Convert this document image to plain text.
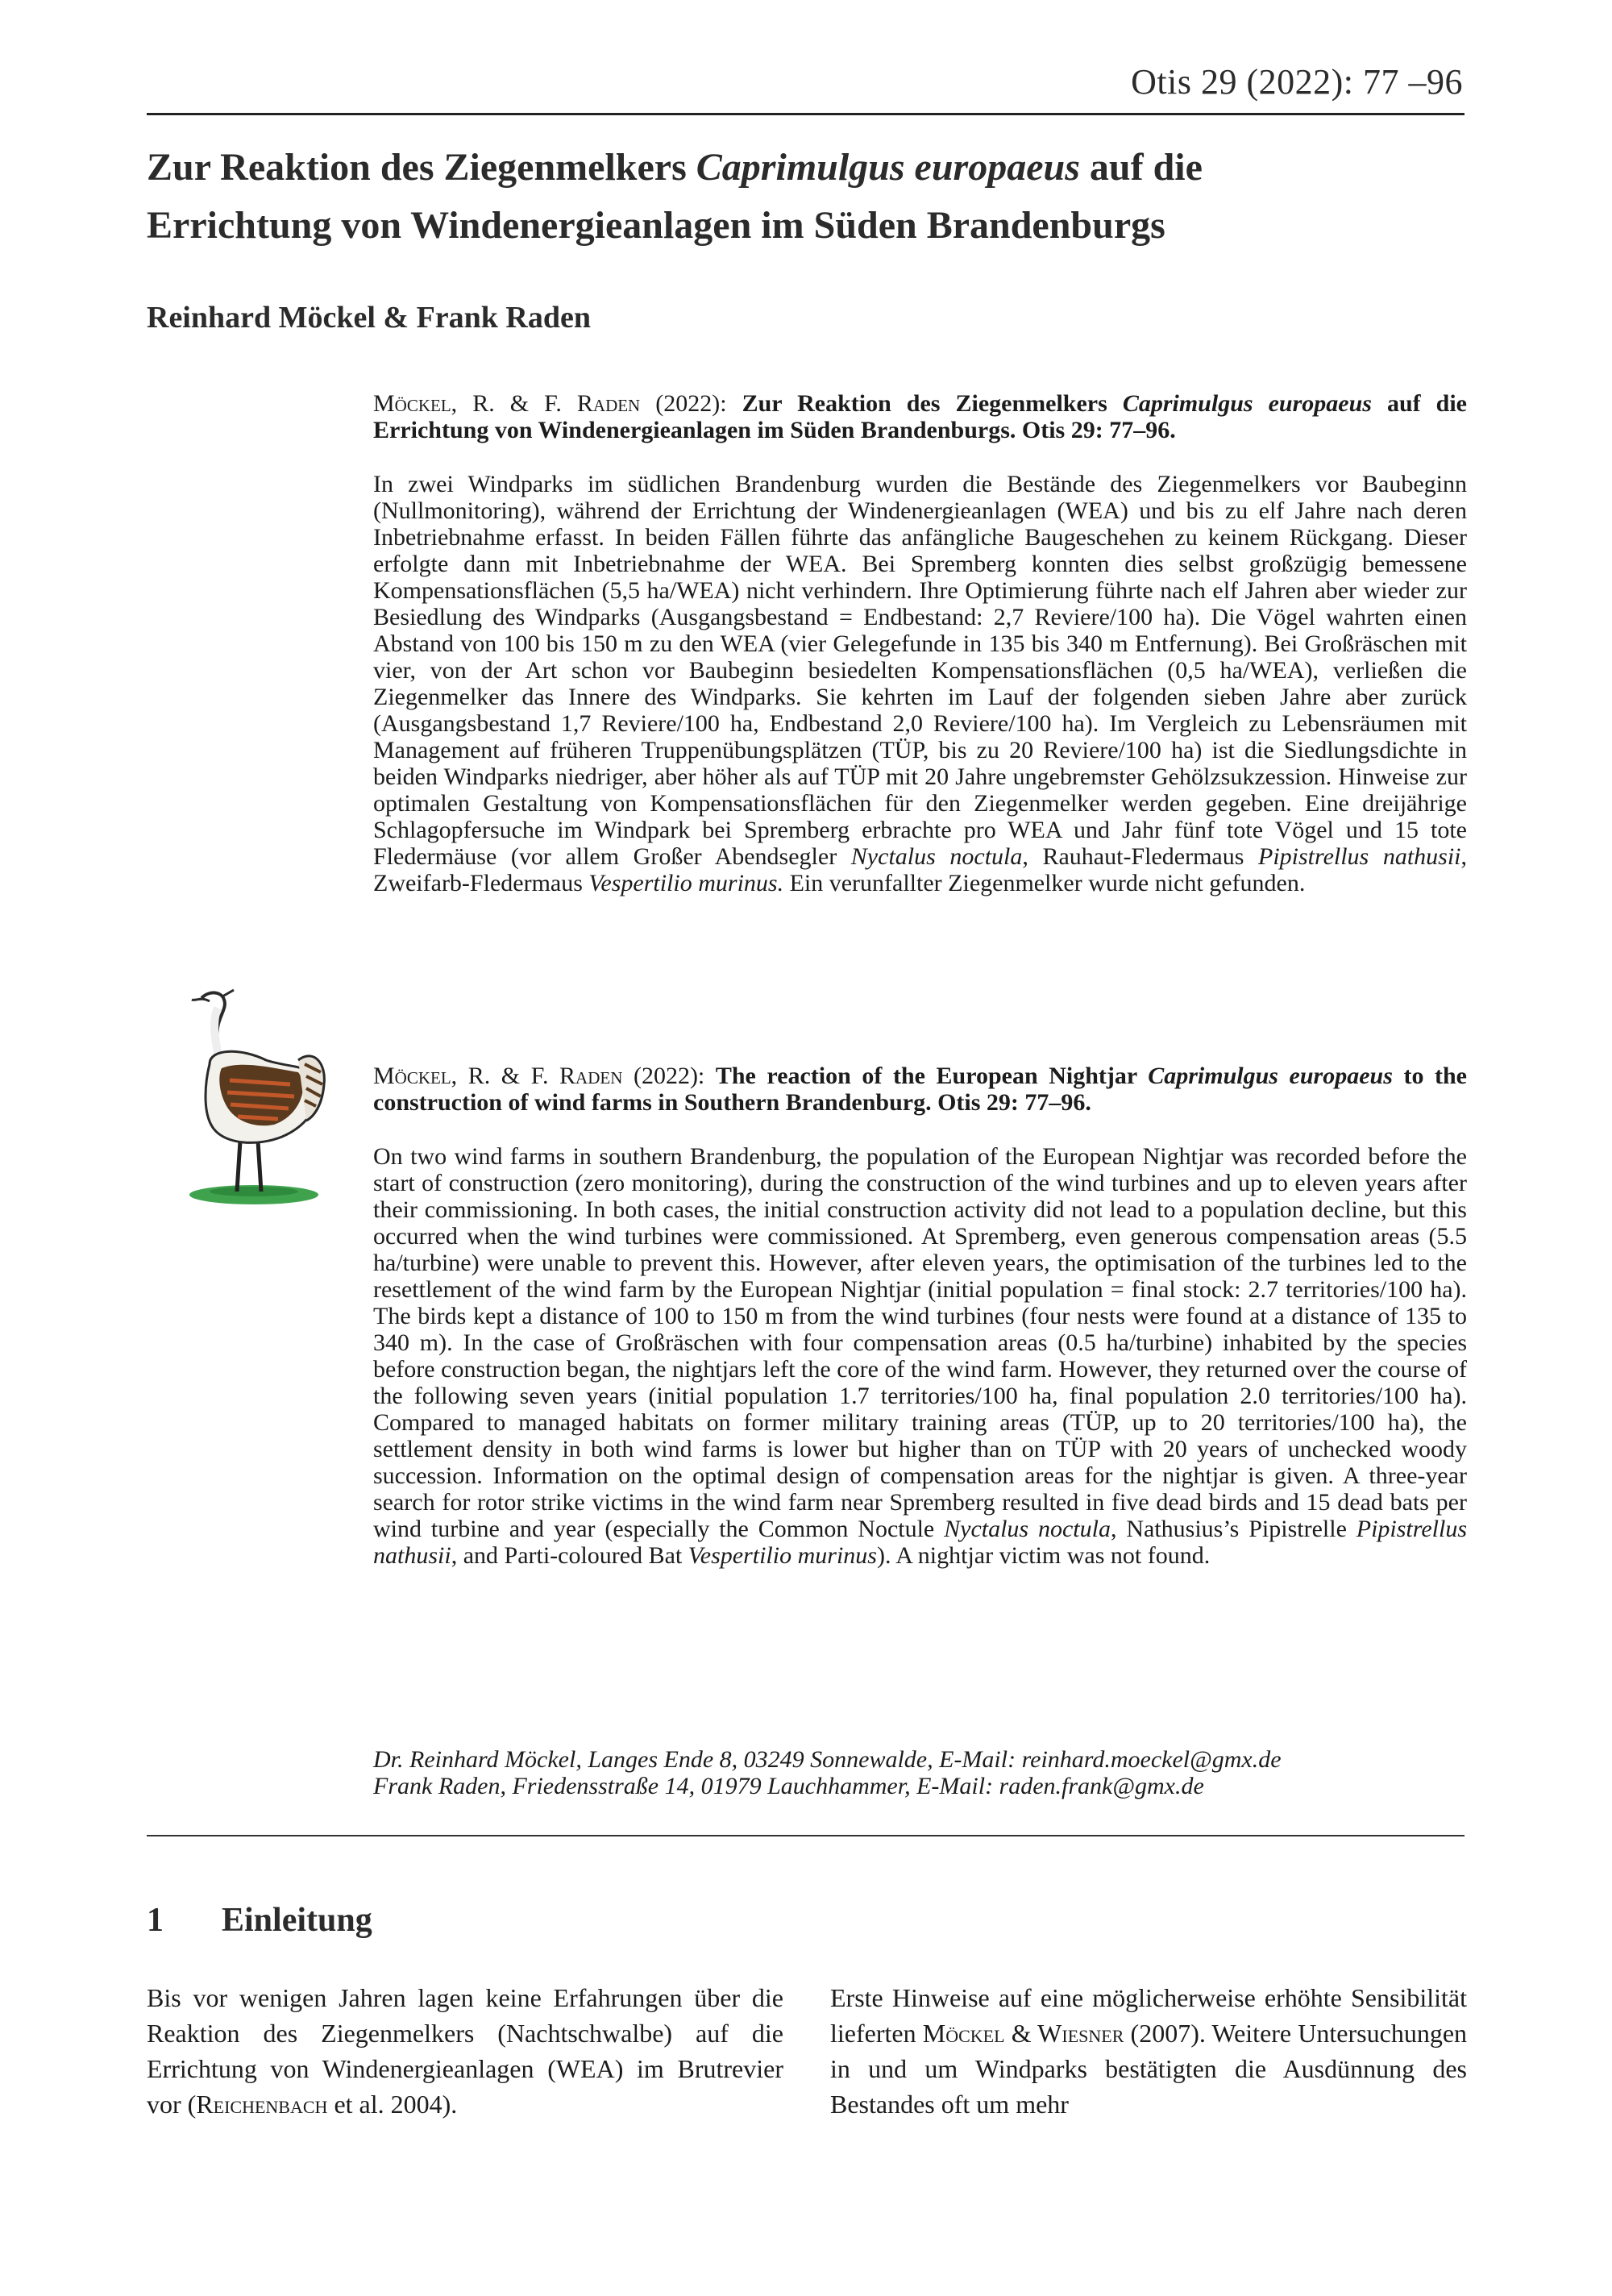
Otis 29 (2022): 77 –96
Zur Reaktion des Ziegenmelkers Caprimulgus europaeus auf die
Errichtung von Windenergieanlagen im Süden Brandenburgs
Reinhard Möckel & Frank Raden
Möckel, R. & F. Raden (2022): Zur Reaktion des Ziegenmelkers Caprimulgus europaeus auf die Errichtung von Windenergieanlagen im Süden Brandenburgs. Otis 29: 77–96.
In zwei Windparks im südlichen Brandenburg wurden die Bestände des Ziegenmelkers vor Baubeginn (Nullmonitoring), während der Errichtung der Windenergieanlagen (WEA) und bis zu elf Jahre nach deren Inbetriebnahme erfasst. In beiden Fällen führte das anfängliche Baugeschehen zu keinem Rückgang. Dieser erfolgte dann mit Inbetriebnahme der WEA. Bei Spremberg konnten dies selbst großzügig bemessene Kompensationsflächen (5,5 ha/WEA) nicht verhindern. Ihre Optimierung führte nach elf Jahren aber wieder zur Besiedlung des Windparks (Ausgangsbestand = Endbestand: 2,7 Reviere/100 ha). Die Vögel wahrten einen Abstand von 100 bis 150 m zu den WEA (vier Gelegefunde in 135 bis 340 m Entfernung). Bei Großräschen mit vier, von der Art schon vor Baubeginn besiedelten Kompensationsflächen (0,5 ha/WEA), verließen die Ziegenmelker das Innere des Windparks. Sie kehrten im Lauf der folgenden sieben Jahre aber zurück (Ausgangsbestand 1,7 Reviere/100 ha, Endbestand 2,0 Reviere/100 ha). Im Vergleich zu Lebensräumen mit Management auf früheren Truppenübungsplätzen (TÜP, bis zu 20 Reviere/100 ha) ist die Siedlungsdichte in beiden Windparks niedriger, aber höher als auf TÜP mit 20 Jahre ungebremster Gehölzsukzession. Hinweise zur optimalen Gestaltung von Kompensationsflächen für den Ziegenmelker werden gegeben. Eine dreijährige Schlagopfersuche im Windpark bei Spremberg erbrachte pro WEA und Jahr fünf tote Vögel und 15 tote Fledermäuse (vor allem Großer Abendsegler Nyctalus noctula, Rauhaut-Fledermaus Pipistrellus nathusii, Zweifarb-Fledermaus Vespertilio murinus. Ein verunfallter Ziegenmelker wurde nicht gefunden.
Möckel, R. & F. Raden (2022): The reaction of the European Nightjar Caprimulgus europaeus to the construction of wind farms in Southern Brandenburg. Otis 29: 77–96.
On two wind farms in southern Brandenburg, the population of the European Nightjar was recorded before the start of construction (zero monitoring), during the construction of the wind turbines and up to eleven years after their commissioning. In both cases, the initial construction activity did not lead to a population decline, but this occurred when the wind turbines were commissioned. At Spremberg, even generous compensation areas (5.5 ha/turbine) were unable to prevent this. However, after eleven years, the optimisation of the turbines led to the resettlement of the wind farm by the European Nightjar (initial population = final stock: 2.7 territories/100 ha). The birds kept a distance of 100 to 150 m from the wind turbines (four nests were found at a distance of 135 to 340 m). In the case of Großräschen with four compensation areas (0.5 ha/turbine) inhabited by the species before construction began, the nightjars left the core of the wind farm. However, they returned over the course of the following seven years (initial population 1.7 territories/100 ha, final population 2.0 territories/100 ha). Compared to managed habitats on former military training areas (TÜP, up to 20 territories/100 ha), the settlement density in both wind farms is lower but higher than on TÜP with 20 years of unchecked woody succession. Information on the optimal design of compensation areas for the nightjar is given. A three-year search for rotor strike victims in the wind farm near Spremberg resulted in five dead birds and 15 dead bats per wind turbine and year (especially the Common Noctule Nyctalus noctula, Nathusius’s Pipistrelle Pipistrellus nathusii, and Parti-coloured Bat Vespertilio murinus). A nightjar victim was not found.
Dr. Reinhard Möckel, Langes Ende 8, 03249 Sonnewalde, E-Mail: reinhard.moeckel@gmx.de
Frank Raden, Friedensstraße 14, 01979 Lauchhammer, E-Mail: raden.frank@gmx.de
1 Einleitung
Bis vor wenigen Jahren lagen keine Erfahrungen über die Reaktion des Ziegenmelkers (Nachtschwalbe) auf die Errichtung von Windenergieanlagen (WEA) im Brutrevier vor (Reichenbach et al. 2004).
Erste Hinweise auf eine möglicherweise erhöhte Sensibilität lieferten Möckel & Wiesner (2007). Weitere Untersuchungen in und um Windparks bestätigten die Ausdünnung des Bestandes oft um mehr
